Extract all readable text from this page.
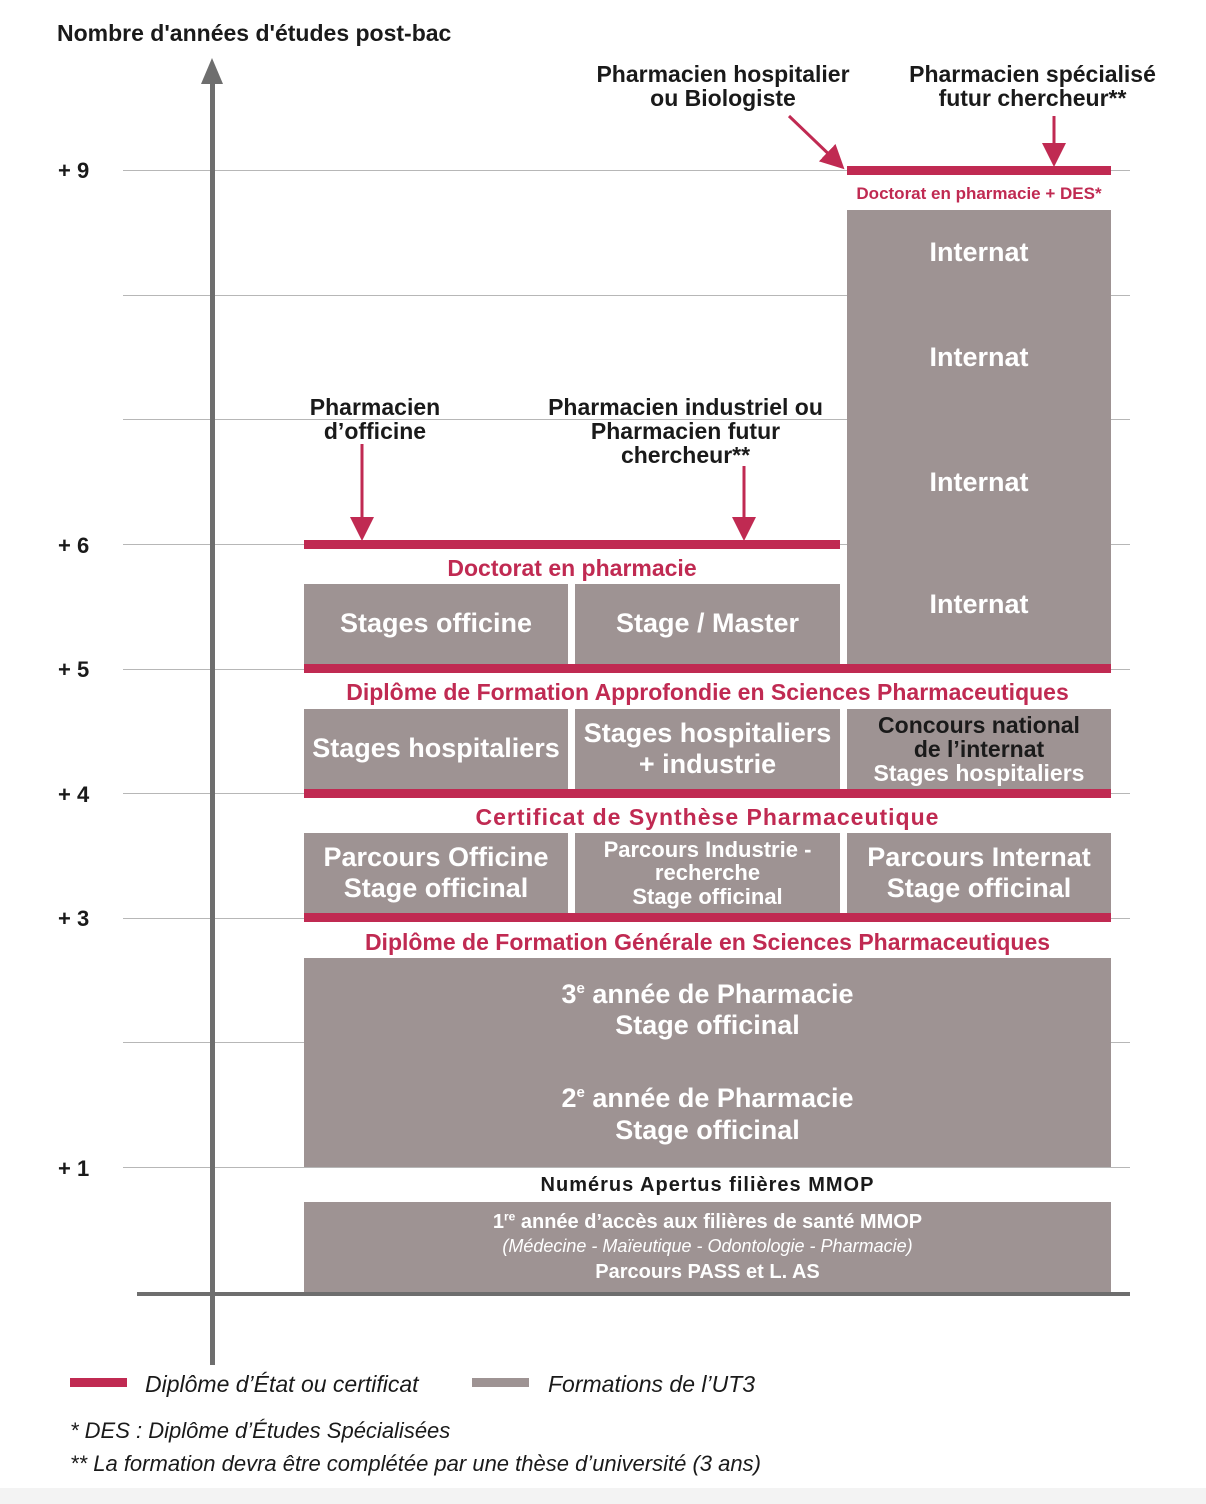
Nombre d'années d'études post-bac
+ 9
+ 6
+ 5
+ 4
+ 3
+ 1
1re année d’accès aux filières de santé MMOP
(Médecine - Maïeutique - Odontologie - Pharmacie)
Parcours PASS et L. AS
Numérus Apertus filières MMOP
3e année de Pharmacie
Stage officinal
2e année de Pharmacie
Stage officinal
Diplôme de Formation Générale en Sciences Pharmaceutiques
Parcours Officine
Stage officinal
Parcours Industrie -
recherche
Stage officinal
Parcours Internat
Stage officinal
Certificat de Synthèse Pharmaceutique
Stages hospitaliers
Stages hospitaliers
+ industrie
Concours national
de l’internat
Stages hospitaliers
Diplôme de Formation Approfondie en Sciences Pharmaceutiques
Stages officine	Stage / Master
Doctorat en pharmacie
Internat
Internat
Internat
Internat
Doctorat en pharmacie + DES*
Pharmacien hospitalier ou Biologiste
Pharmacien spécialisé futur chercheur**
Pharmacien d’officine
Pharmacien industriel ou Pharmacien futur chercheur**
Diplôme d’État ou certificat	Formations de l’UT3
* DES : Diplôme d’Études Spécialisées
** La formation devra être complétée par une thèse d’université (3 ans)
